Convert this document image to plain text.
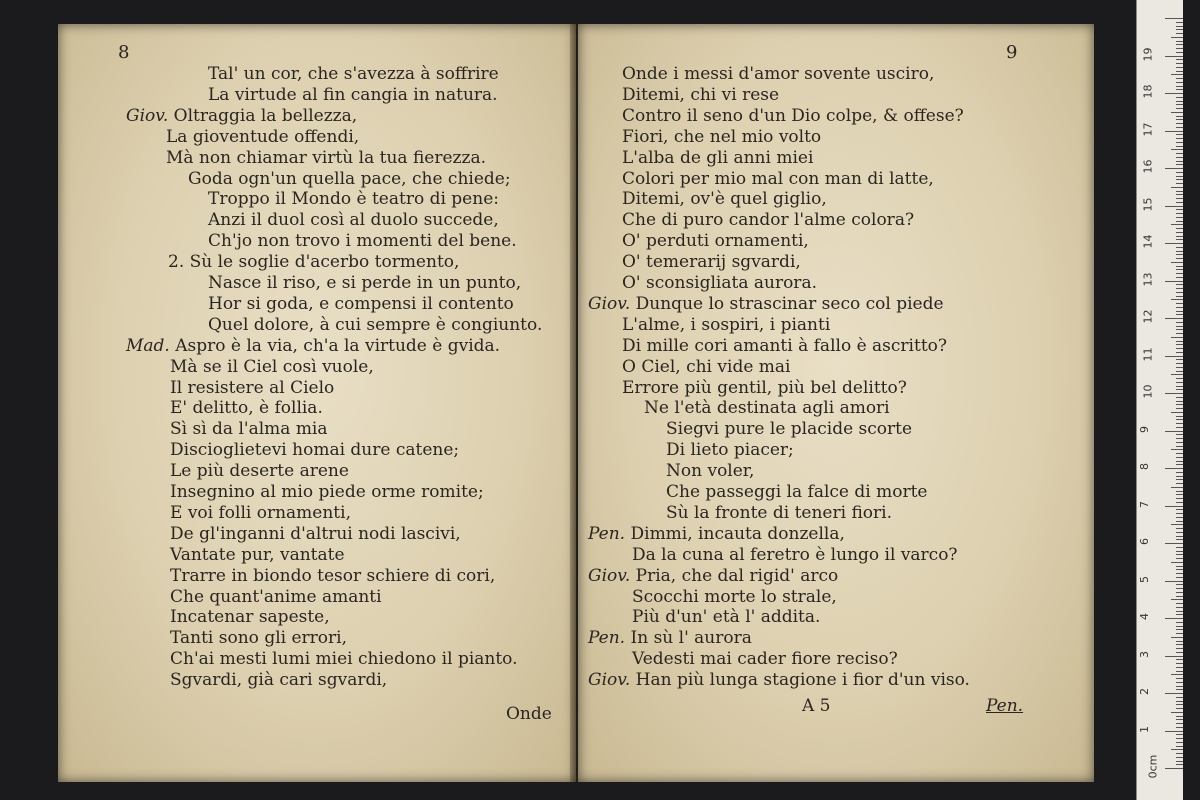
8
Tal' un cor, che s'avezza à soffrire
La virtude al fin cangia in natura.
Giov. Oltraggia la bellezza,
La gioventude offendi,
Mà non chiamar virtù la tua fierezza.
Goda ogn'un quella pace, che chiede;
Troppo il Mondo è teatro di pene:
Anzi il duol così al duolo succede,
Ch'jo non trovo i momenti del bene.
2. Sù le soglie d'acerbo tormento,
Nasce il riso, e si perde in un punto,
Hor si goda, e compensi il contento
Quel dolore, à cui sempre è congiunto.
Mad. Aspro è la via, ch'a la virtude è gvida.
Mà se il Ciel così vuole,
Il resistere al Cielo
E' delitto, è follia.
Sì sì da l'alma mia
Discioglietevi homai dure catene;
Le più deserte arene
Insegnino al mio piede orme romite;
E voi folli ornamenti,
De gl'inganni d'altrui nodi lascivi,
Vantate pur, vantate
Trarre in biondo tesor schiere di cori,
Che quant'anime amanti
Incatenar sapeste,
Tanti sono gli errori,
Ch'ai mesti lumi miei chiedono il pianto.
Sgvardi, già cari sgvardi,
Onde
9
Onde i messi d'amor sovente usciro,
Ditemi, chi vi rese
Contro il seno d'un Dio colpe, & offese?
Fiori, che nel mio volto
L'alba de gli anni miei
Colori per mio mal con man di latte,
Ditemi, ov'è quel giglio,
Che di puro candor l'alme colora?
O' perduti ornamenti,
O' temerarij sgvardi,
O' sconsigliata aurora.
Giov. Dunque lo strascinar seco col piede
L'alme, i sospiri, i pianti
Di mille cori amanti à fallo è ascritto?
O Ciel, chi vide mai
Errore più gentil, più bel delitto?
Ne l'età destinata agli amori
Siegvi pure le placide scorte
Di lieto piacer;
Non voler,
Che passeggi la falce di morte
Sù la fronte di teneri fiori.
Pen. Dimmi, incauta donzella,
Da la cuna al feretro è lungo il varco?
Giov. Pria, che dal rigid' arco
Scocchi morte lo strale,
Più d'un' età l' addita.
Pen. In sù l' aurora
Vedesti mai cader fiore reciso?
Giov. Han più lunga stagione i fior d'un viso.
A 5	Pen.
0cm
1
2
3
4
5
6
7
8
9
10
11
12
13
14
15
16
17
18
19
